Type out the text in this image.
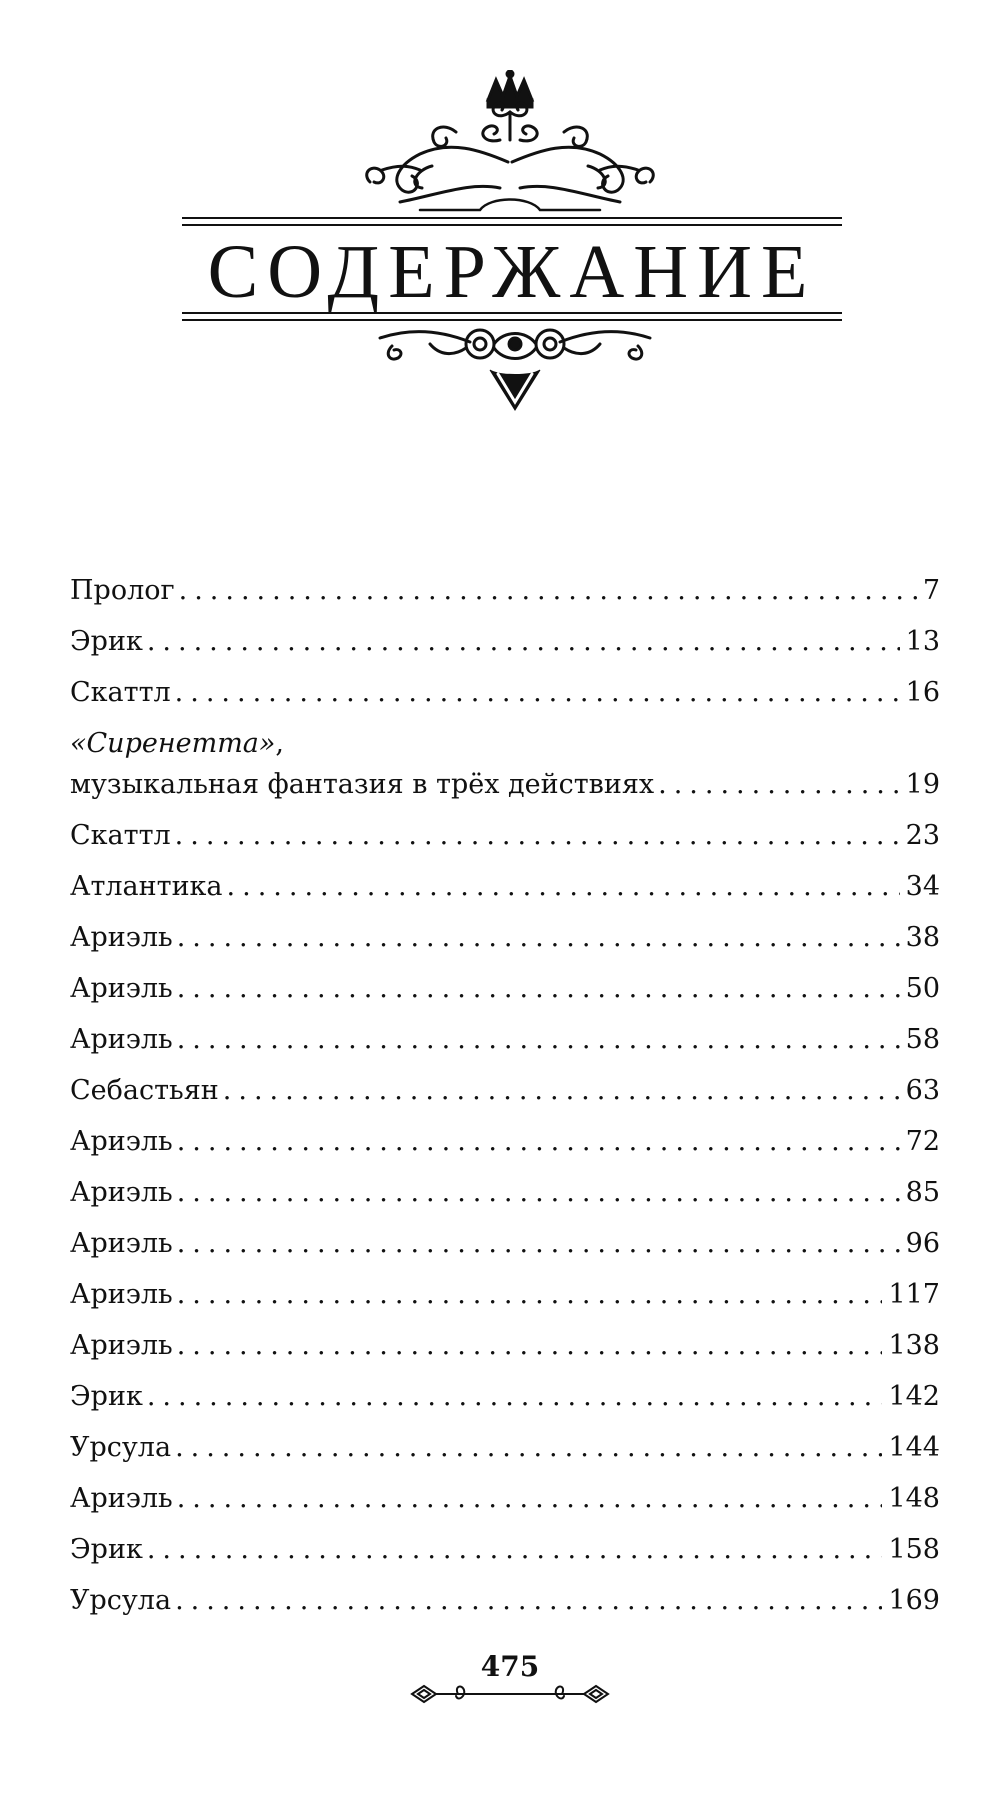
СОДЕРЖАНИЕ
Пролог .....	7
Эрик .....	13
Скаттл .....	16
«Сиренетта»,
музыкальная фантазия в трёх действиях .....	19
Скаттл .....	23
Атлантика .....	34
Ариэль .....	38
Ариэль .....	50
Ариэль .....	58
Себастьян .....	63
Ариэль .....	72
Ариэль .....	85
Ариэль .....	96
Ариэль .....	117
Ариэль .....	138
Эрик .....	142
Урсула .....	144
Ариэль .....	148
Эрик .....	158
Урсула .....	169
475
